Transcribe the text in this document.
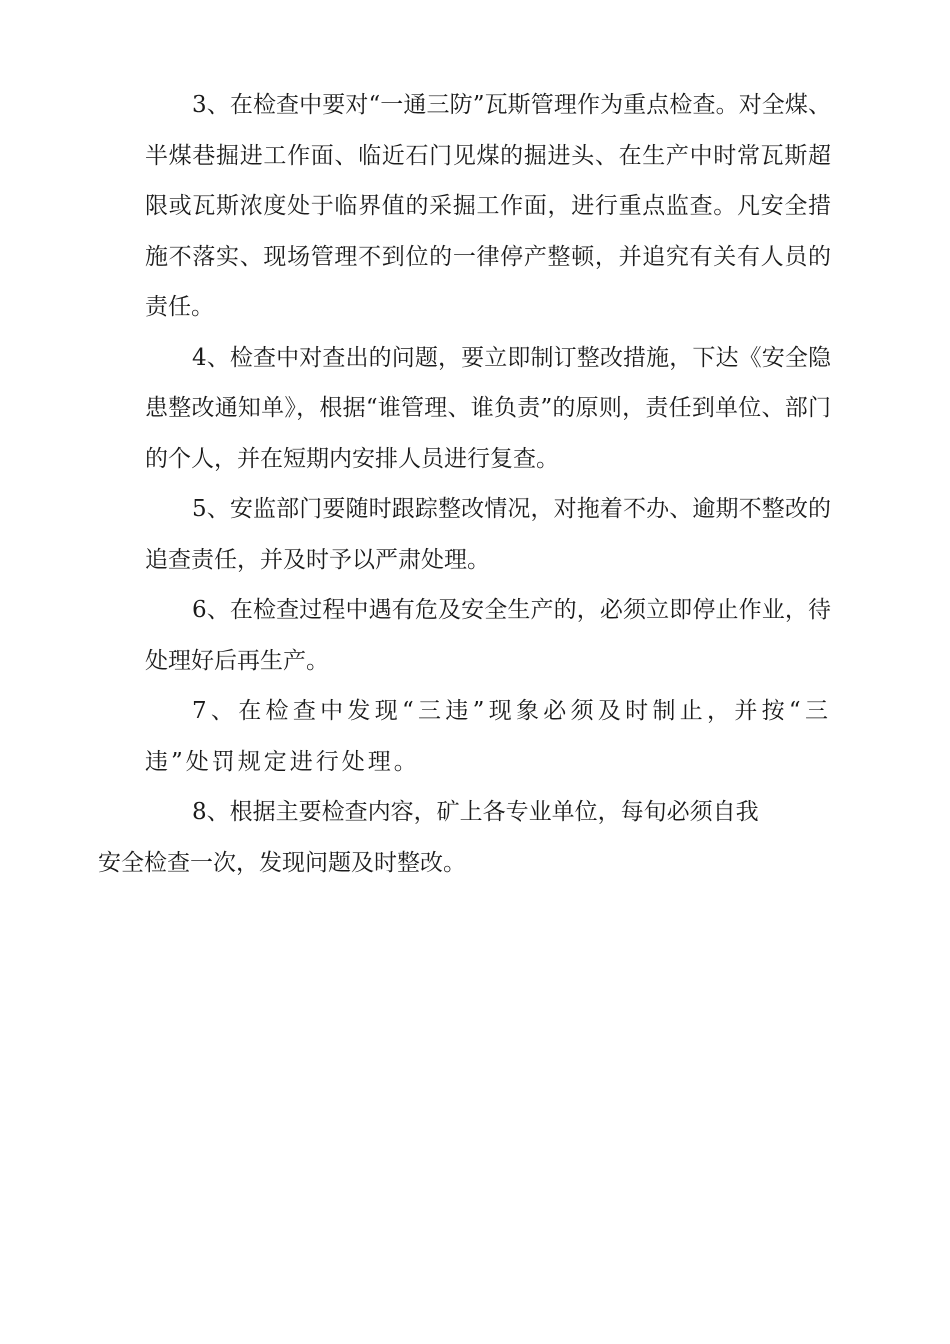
3、在检查中要对“一通三防”瓦斯管理作为重点检查。对全煤、半煤巷掘进工作面、临近石门见煤的掘进头、在生产中时常瓦斯超限或瓦斯浓度处于临界值的采掘工作面，进行重点监查。凡安全措施不落实、现场管理不到位的一律停产整顿，并追究有关有人员的责任。

4、检查中对查出的问题，要立即制订整改措施，下达《安全隐患整改通知单》，根据“谁管理、谁负责”的原则，责任到单位、部门的个人，并在短期内安排人员进行复查。

5、安监部门要随时跟踪整改情况，对拖着不办、逾期不整改的追查责任，并及时予以严肃处理。

6、在检查过程中遇有危及安全生产的，必须立即停止作业，待处理好后再生产。

7、在检查中发现“三违”现象必须及时制止，并按“三违”处罚规定进行处理。

8、根据主要检查内容，矿上各专业单位，每旬必须自我
安全检查一次，发现问题及时整改。
